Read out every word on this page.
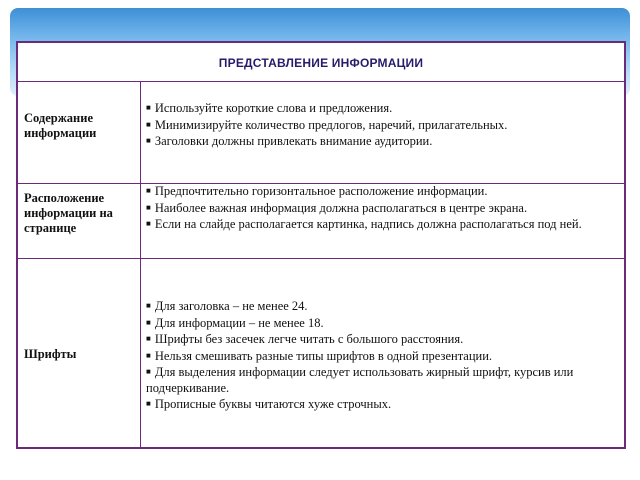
ПРЕДСТАВЛЕНИЕ ИНФОРМАЦИИ
Содержание информации

■ Используйте короткие слова и предложения.

■ Минимизируйте количество предлогов, наречий, прилагательных.

■ Заголовки должны привлекать внимание аудитории.

Расположение информации на странице

■ Предпочтительно горизонтальное расположение информации.

■ Наиболее важная информация должна располагаться в центре экрана.

■ Если на слайде располагается картинка, надпись должна располагаться под ней.

Шрифты

■ Для заголовка – не менее 24.

■ Для информации – не менее 18.

■ Шрифты без засечек легче читать с большого расстояния.

■ Нельзя смешивать разные типы шрифтов в одной презентации.

■ Для выделения информации следует использовать жирный шрифт, курсив или подчеркивание.

■ Прописные буквы читаются хуже строчных.
